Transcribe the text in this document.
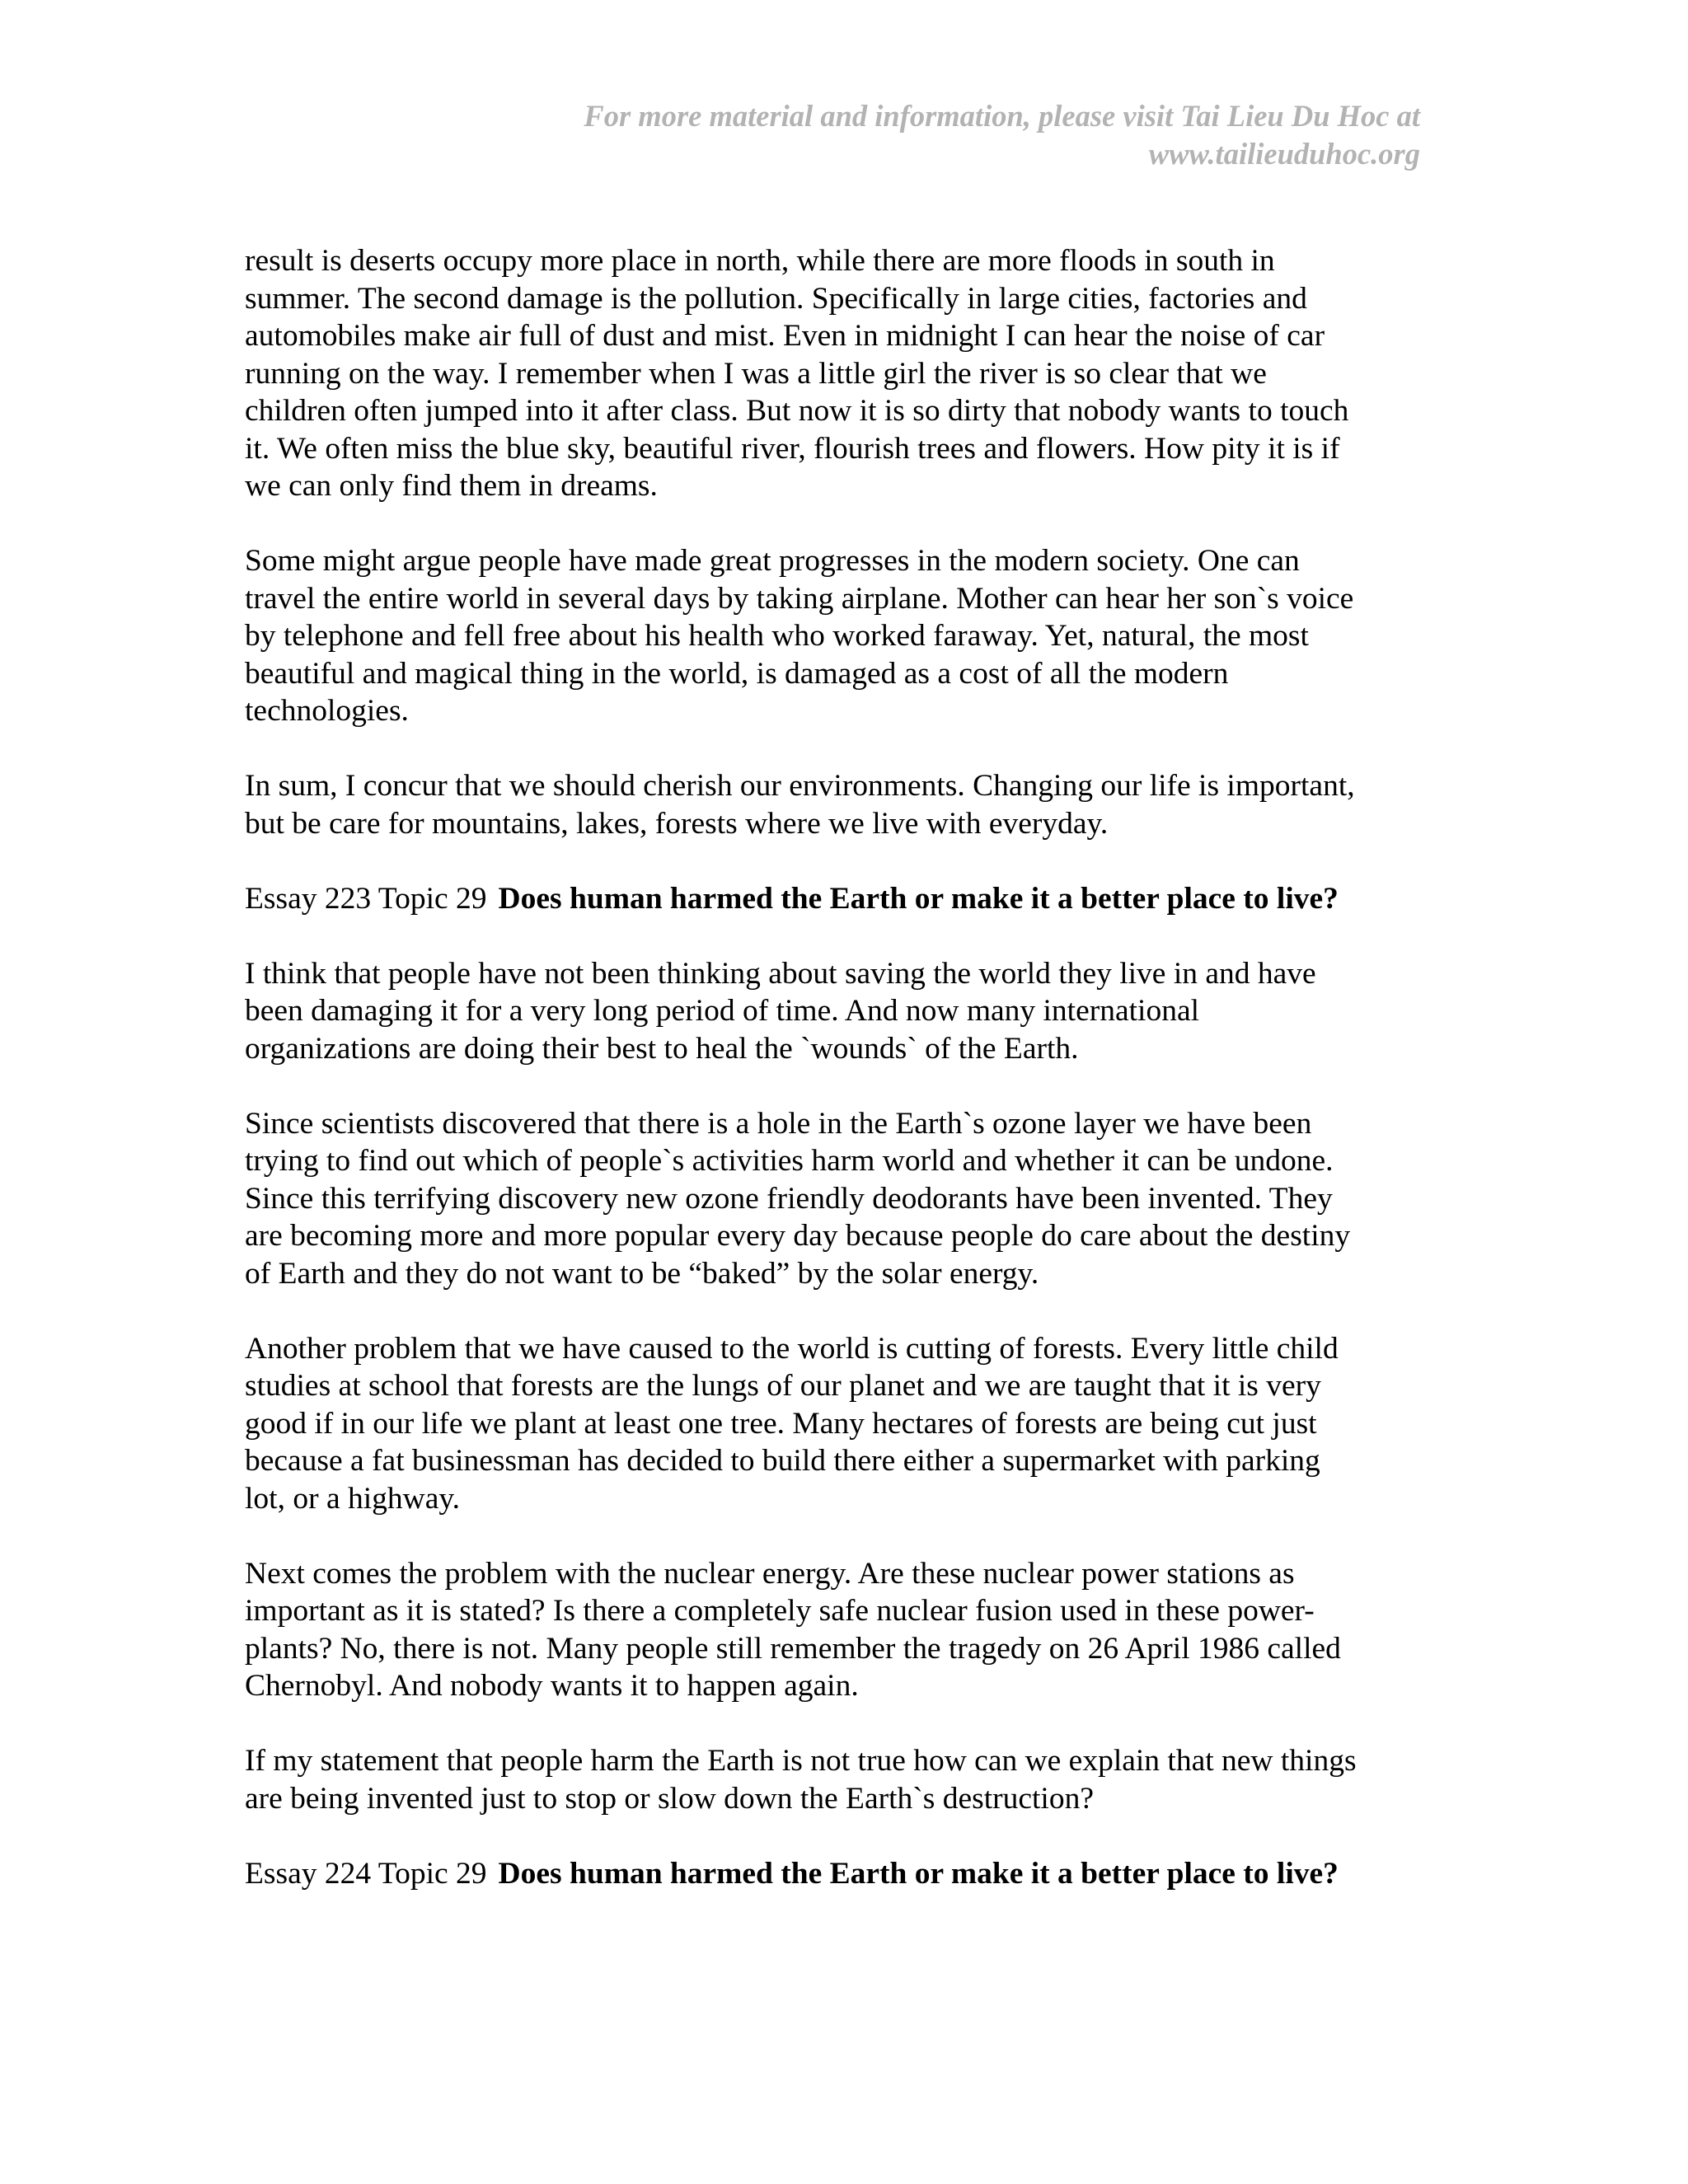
For more material and information, please visit Tai Lieu Du Hoc at
www.tailieuduhoc.org

result is deserts occupy more place in north, while there are more floods in south in
summer. The second damage is the pollution. Specifically in large cities, factories and
automobiles make air full of dust and mist. Even in midnight I can hear the noise of car
running on the way. I remember when I was a little girl the river is so clear that we
children often jumped into it after class. But now it is so dirty that nobody wants to touch
it. We often miss the blue sky, beautiful river, flourish trees and flowers. How pity it is if
we can only find them in dreams.

Some might argue people have made great progresses in the modern society. One can
travel the entire world in several days by taking airplane. Mother can hear her son`s voice
by telephone and fell free about his health who worked faraway. Yet, natural, the most
beautiful and magical thing in the world, is damaged as a cost of all the modern
technologies.

In sum, I concur that we should cherish our environments. Changing our life is important,
but be care for mountains, lakes, forests where we live with everyday.

Essay 223 Topic 29 Does human harmed the Earth or make it a better place to live?

I think that people have not been thinking about saving the world they live in and have
been damaging it for a very long period of time. And now many international
organizations are doing their best to heal the `wounds` of the Earth.

Since scientists discovered that there is a hole in the Earth`s ozone layer we have been
trying to find out which of people`s activities harm world and whether it can be undone.
Since this terrifying discovery new ozone friendly deodorants have been invented. They
are becoming more and more popular every day because people do care about the destiny
of Earth and they do not want to be “baked” by the solar energy.

Another problem that we have caused to the world is cutting of forests. Every little child
studies at school that forests are the lungs of our planet and we are taught that it is very
good if in our life we plant at least one tree. Many hectares of forests are being cut just
because a fat businessman has decided to build there either a supermarket with parking
lot, or a highway.

Next comes the problem with the nuclear energy. Are these nuclear power stations as
important as it is stated? Is there a completely safe nuclear fusion used in these power-
plants? No, there is not. Many people still remember the tragedy on 26 April 1986 called
Chernobyl. And nobody wants it to happen again.

If my statement that people harm the Earth is not true how can we explain that new things
are being invented just to stop or slow down the Earth`s destruction?

Essay 224 Topic 29 Does human harmed the Earth or make it a better place to live?
